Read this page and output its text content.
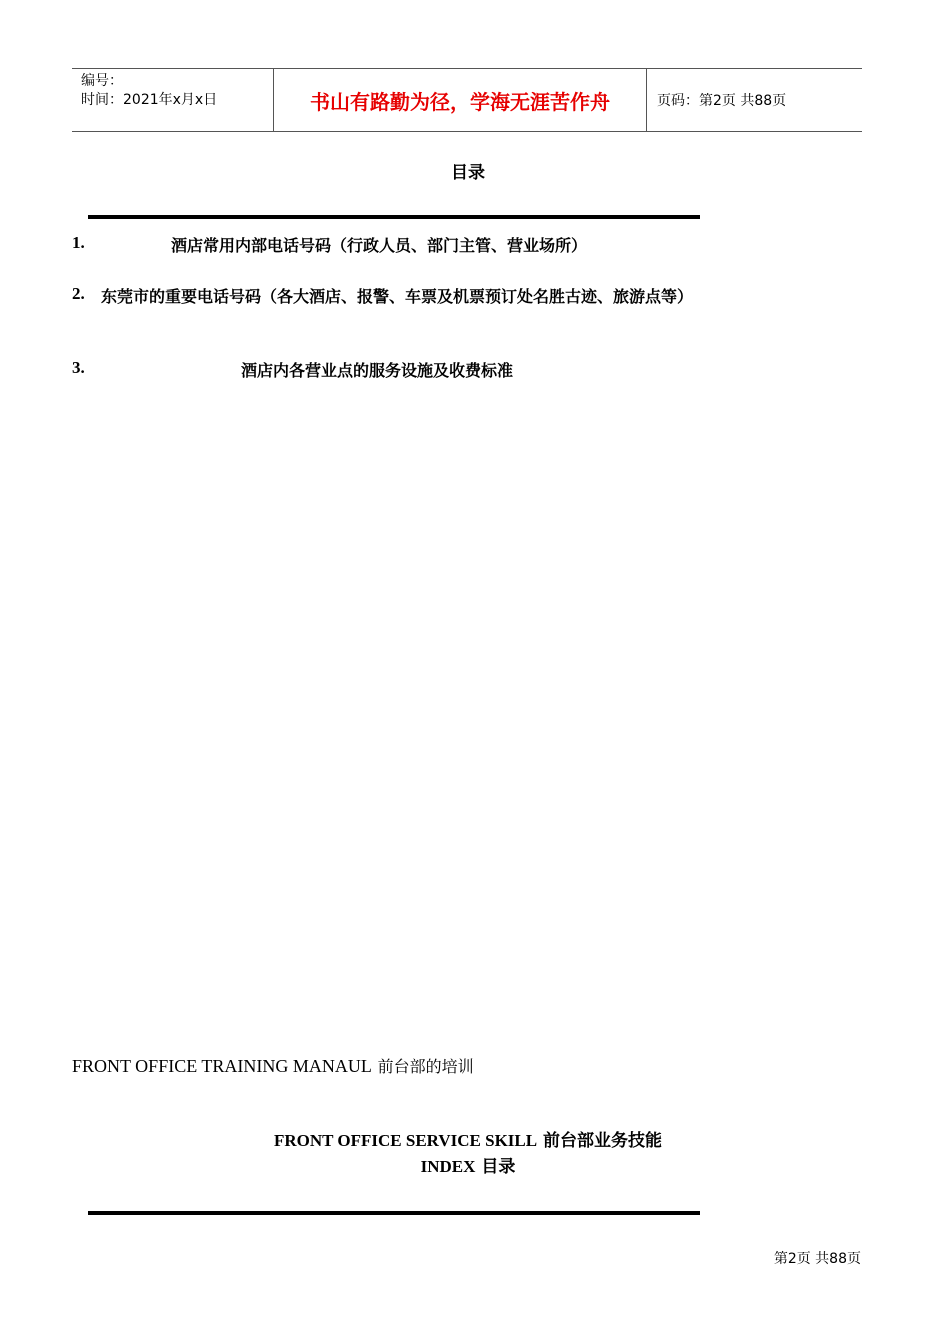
编号：
时间：2021年x月x日	书山有路勤为径，学海无涯苦作舟	页码：第2页 共88页
目录
1.	酒店常用内部电话号码（行政人员、部门主管、营业场所）
2. 东莞市的重要电话号码（各大酒店、报警、车票及机票预订处名胜古迹、旅游点等）
3.	酒店内各营业点的服务设施及收费标准
FRONT OFFICE TRAINING MANAUL 前台部的培训
FRONT OFFICE SERVICE SKILL 前台部业务技能
INDEX 目录
第2页 共88页
